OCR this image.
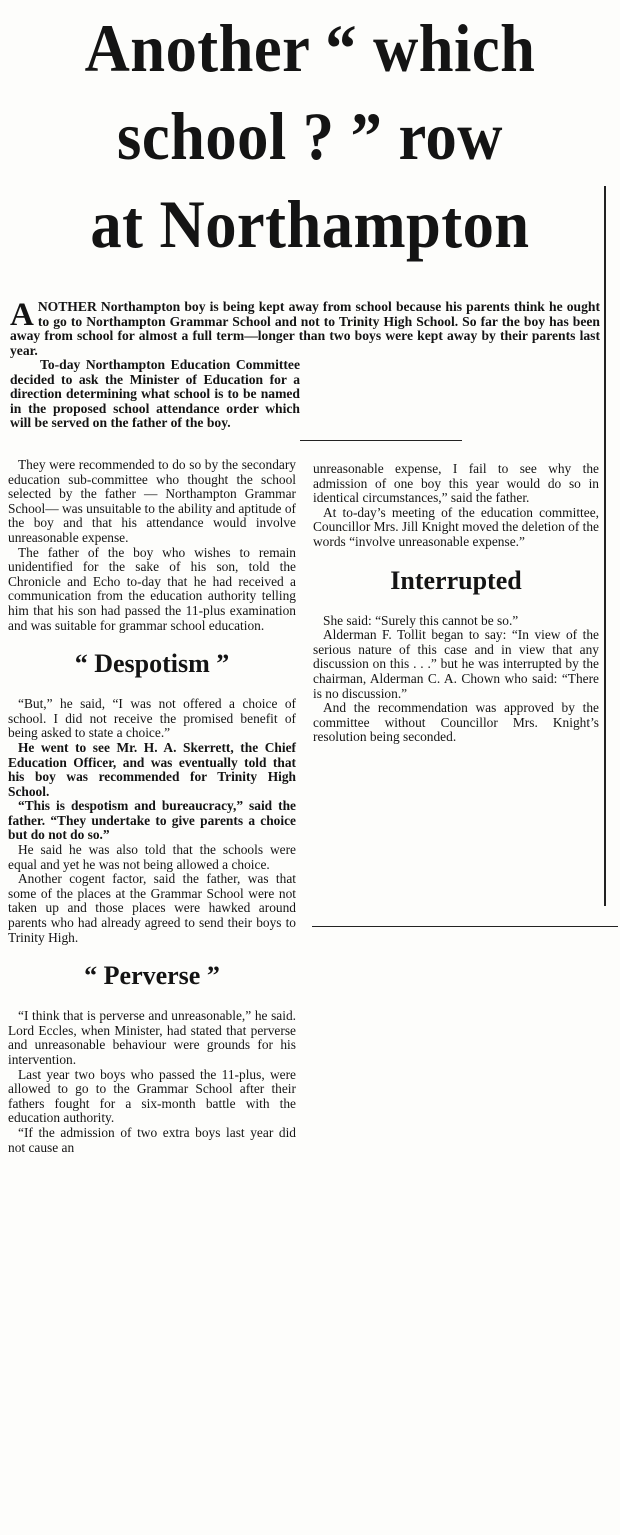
Another “ which
school ? ” row
at Northampton

A NOTHER Northampton boy is being kept away from school because his parents think he ought to go to Northampton Grammar School and not to Trinity High School. So far the boy has been away from school for almost a full term—longer than two boys were kept away by their parents last year.

To-day Northampton Education Committee decided to ask the Minister of Education for a direction determining what school is to be named in the proposed school attendance order which will be served on the father of the boy.

They were recommended to do so by the secondary education sub-committee who thought the school selected by the father — Northampton Grammar School— was unsuitable to the ability and aptitude of the boy and that his attendance would involve unreasonable expense.

The father of the boy who wishes to remain unidentified for the sake of his son, told the Chronicle and Echo to-day that he had received a communication from the education authority telling him that his son had passed the 11-plus examination and was suitable for grammar school education.

“ Despotism ”

“But,” he said, “I was not offered a choice of school. I did not receive the promised benefit of being asked to state a choice.”

He went to see Mr. H. A. Skerrett, the Chief Education Officer, and was eventually told that his boy was recommended for Trinity High School.

“This is despotism and bureaucracy,” said the father. “They undertake to give parents a choice but do not do so.”

He said he was also told that the schools were equal and yet he was not being allowed a choice.

Another cogent factor, said the father, was that some of the places at the Grammar School were not taken up and those places were hawked around parents who had already agreed to send their boys to Trinity High.

“ Perverse ”

“I think that is perverse and unreasonable,” he said. Lord Eccles, when Minister, had stated that perverse and unreasonable behaviour were grounds for his intervention.

Last year two boys who passed the 11-plus, were allowed to go to the Grammar School after their fathers fought for a six-month battle with the education authority.

“If the admission of two extra boys last year did not cause an

unreasonable expense, I fail to see why the admission of one boy this year would do so in identical circumstances,” said the father.

At to-day’s meeting of the education committee, Councillor Mrs. Jill Knight moved the deletion of the words “involve unreasonable expense.”

Interrupted

She said: “Surely this cannot be so.”

Alderman F. Tollit began to say: “In view of the serious nature of this case and in view that any discussion on this . . .” but he was interrupted by the chairman, Alderman C. A. Chown who said: “There is no discussion.”

And the recommendation was approved by the committee without Councillor Mrs. Knight’s resolution being seconded.
